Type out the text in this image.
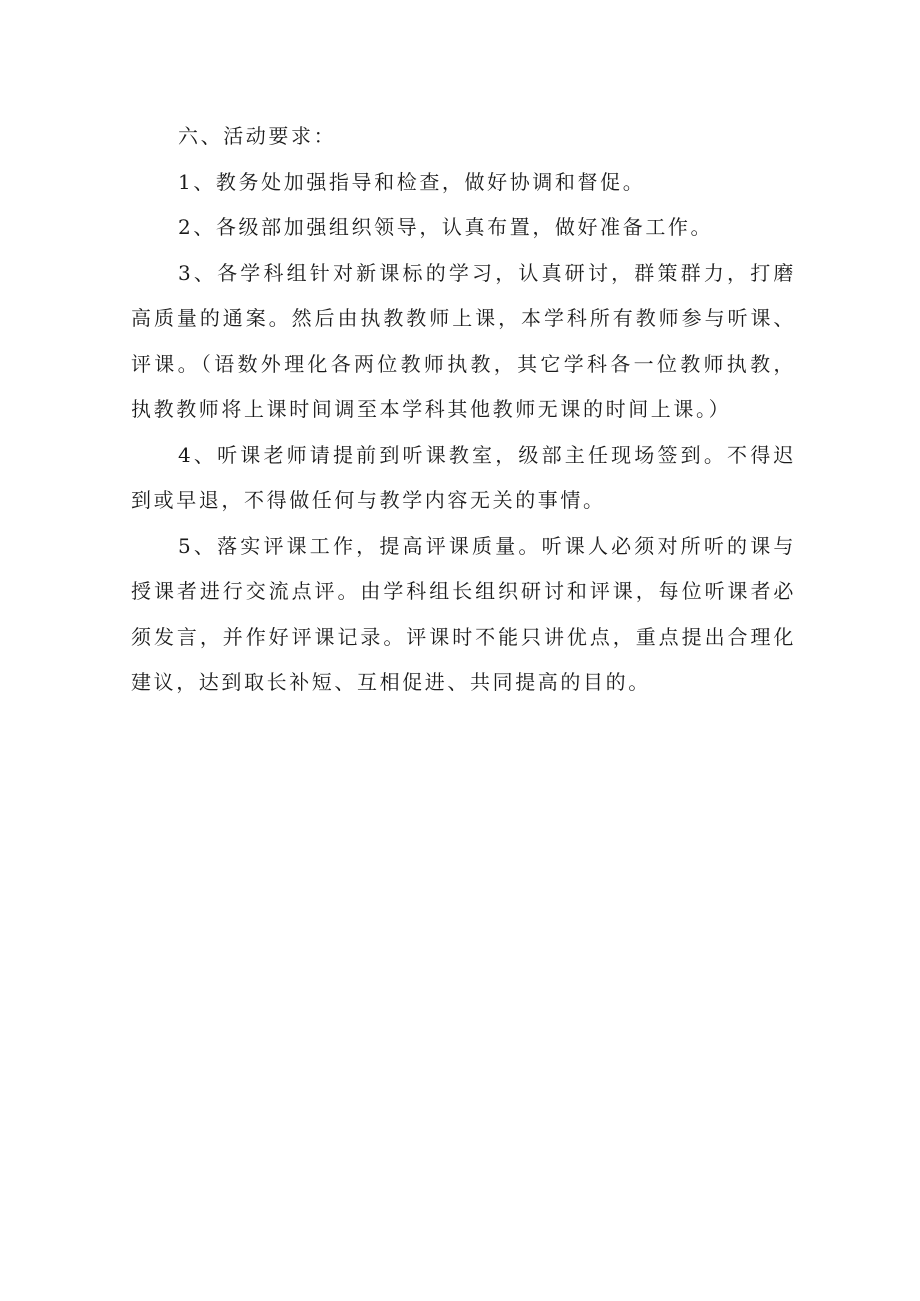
六、活动要求：

1、教务处加强指导和检查，做好协调和督促。

2、各级部加强组织领导，认真布置，做好准备工作。

3、各学科组针对新课标的学习，认真研讨，群策群力，打磨高质量的通案。然后由执教教师上课，本学科所有教师参与听课、评课。（语数外理化各两位教师执教，其它学科各一位教师执教，执教教师将上课时间调至本学科其他教师无课的时间上课。）

4、听课老师请提前到听课教室，级部主任现场签到。不得迟到或早退，不得做任何与教学内容无关的事情。

5、落实评课工作，提高评课质量。听课人必须对所听的课与授课者进行交流点评。由学科组长组织研讨和评课，每位听课者必须发言，并作好评课记录。评课时不能只讲优点，重点提出合理化建议，达到取长补短、互相促进、共同提高的目的。
